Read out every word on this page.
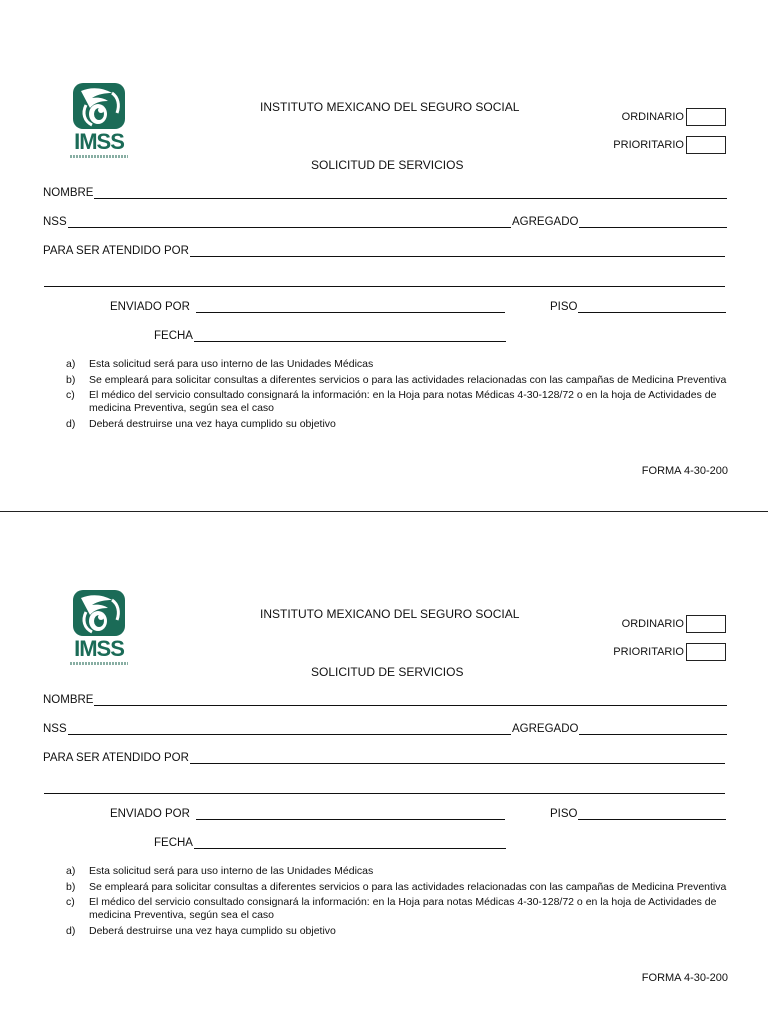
IMSS
INSTITUTO MEXICANO DEL SEGURO SOCIAL
SOLICITUD DE SERVICIOS
ORDINARIO
PRIORITARIO
NOMBRE
NSS	AGREGADO
PARA SER ATENDIDO POR
ENVIADO POR	PISO
FECHA
a) Esta solicitud será para uso interno de las Unidades Médicas
b) Se empleará para solicitar consultas a diferentes servicios o para las actividades relacionadas con las campañas de Medicina Preventiva
c) El médico del servicio consultado consignará la información: en la Hoja para notas Médicas 4-30-128/72 o en la hoja de Actividades de medicina Preventiva, según sea el caso
d) Deberá destruirse una vez haya cumplido su objetivo
FORMA 4-30-200
IMSS
INSTITUTO MEXICANO DEL SEGURO SOCIAL
SOLICITUD DE SERVICIOS
ORDINARIO
PRIORITARIO
NOMBRE
NSS	AGREGADO
PARA SER ATENDIDO POR
ENVIADO POR	PISO
FECHA
a) Esta solicitud será para uso interno de las Unidades Médicas
b) Se empleará para solicitar consultas a diferentes servicios o para las actividades relacionadas con las campañas de Medicina Preventiva
c) El médico del servicio consultado consignará la información: en la Hoja para notas Médicas 4-30-128/72 o en la hoja de Actividades de medicina Preventiva, según sea el caso
d) Deberá destruirse una vez haya cumplido su objetivo
FORMA 4-30-200
